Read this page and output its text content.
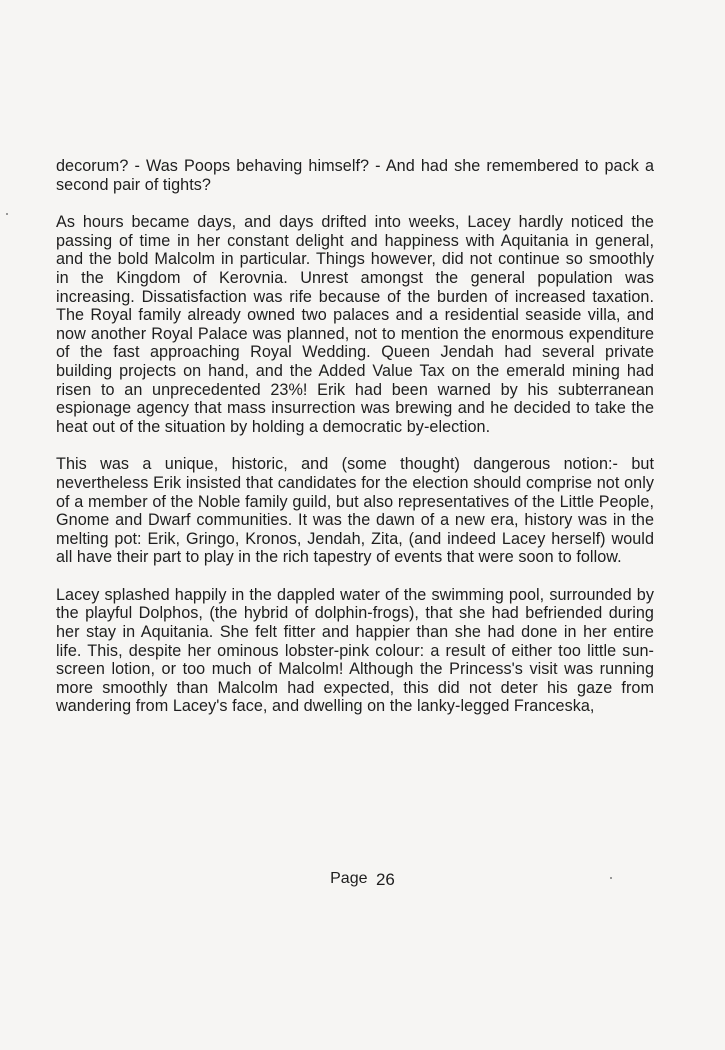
decorum? - Was Poops behaving himself? - And had she remembered to pack a second pair of tights?

As hours became days, and days drifted into weeks, Lacey hardly noticed the passing of time in her constant delight and happiness with Aquitania in general, and the bold Malcolm in particular. Things however, did not continue so smoothly in the Kingdom of Kerovnia. Unrest amongst the general population was increasing. Dissatisfaction was rife because of the burden of increased taxation. The Royal family already owned two palaces and a residential seaside villa, and now another Royal Palace was planned, not to mention the enormous expenditure of the fast approaching Royal Wedding. Queen Jendah had several private building projects on hand, and the Added Value Tax on the emerald mining had risen to an unprecedented 23%! Erik had been warned by his subterranean espionage agency that mass insurrection was brewing and he decided to take the heat out of the situation by holding a democratic by-election.

This was a unique, historic, and (some thought) dangerous notion:- but nevertheless Erik insisted that candidates for the election should comprise not only of a member of the Noble family guild, but also representatives of the Little People, Gnome and Dwarf communities. It was the dawn of a new era, history was in the melting pot: Erik, Gringo, Kronos, Jendah, Zita, (and indeed Lacey herself) would all have their part to play in the rich tapestry of events that were soon to follow.

Lacey splashed happily in the dappled water of the swimming pool, surrounded by the playful Dolphos, (the hybrid of dolphin-frogs), that she had befriended during her stay in Aquitania. She felt fitter and happier than she had done in her entire life. This, despite her ominous lobster-pink colour: a result of either too little sun-screen lotion, or too much of Malcolm! Although the Princess's visit was running more smoothly than Malcolm had expected, this did not deter his gaze from wandering from Lacey's face, and dwelling on the lanky-legged Franceska,

Page 26
